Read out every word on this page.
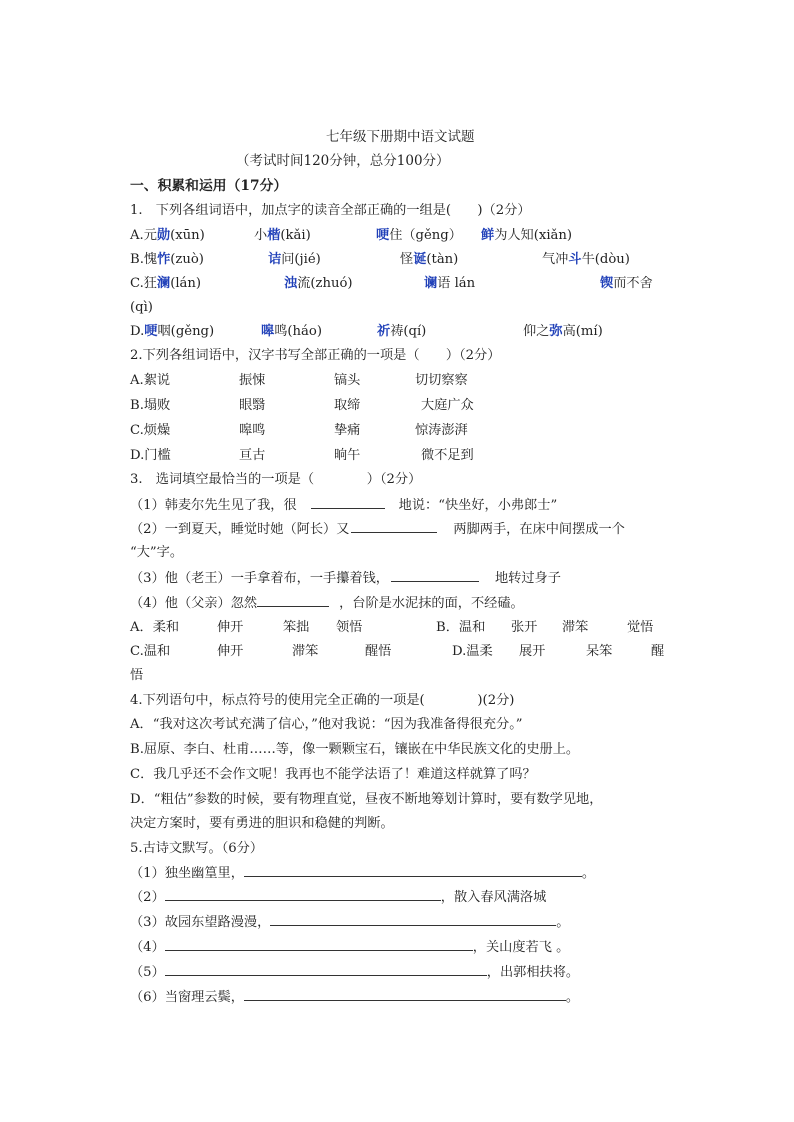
七年级下册期中语文试题
（考试时间120分钟，总分100分）
一、积累和运用（17分）
1.　下列各组词语中，加点字的读音全部正确的一组是(　　)（2分）
A.元勋(xūn)	小楷(kǎi)	哽住（gěng） 鲜为人知(xiǎn)
B.愧怍(zuò)	诘问(jié)	怪诞(tàn)	气冲斗牛(dòu)
C.狂澜(lán)	浊流(zhuó)	谰语 lán	锲而不舍
(qì)
D.哽咽(gěng)	嗥鸣(háo)	祈祷(qí)	仰之弥高(mí)
2.下列各组词语中，汉字书写全部正确的一项是（　　）（2分）
A.絮说	振悚	镐头	切切察察
B.塌败	眼翳	取缔	大庭广众
C.烦燥	嗥鸣	挚痛	惊涛澎湃
D.门槛	亘古	晌午	微不足到
3.　选词填空最恰当的一项是（　　　　）（2分）
（1）韩麦尔先生见了我，很	地说：“快坐好，小弗郎士”
（2）一到夏天，睡觉时她（阿长）又	两脚两手，在床中间摆成一个
“大”字。
（3）他（老王）一手拿着布，一手攥着钱，	地转过身子
（4）他（父亲）忽然	，台阶是水泥抹的面，不经磕。
A．柔和	伸开	笨拙 领悟	B．温和 张开 滞笨	觉悟
C.温和	伸开	滞笨	醒悟	D.温柔 展开	呆笨	醒
悟
4.下列语句中，标点符号的使用完全正确的一项是(　　　　)(2分)
A．“我对这次考试充满了信心，”他对我说：“因为我准备得很充分。”
B.屈原、李白、杜甫……等，像一颗颗宝石，镶嵌在中华民族文化的史册上。
C．我几乎还不会作文呢！我再也不能学法语了！难道这样就算了吗？
D．“粗估”参数的时候，要有物理直觉，昼夜不断地筹划计算时，要有数学见地，
决定方案时，要有勇进的胆识和稳健的判断。
5.古诗文默写。（6分）
（1）独坐幽篁里，	。
（2）	，散入春风满洛城
（3）故园东望路漫漫，	。
（4）	，关山度若飞 。
（5）	，出郭相扶将。
（6）当窗理云鬓，	。
